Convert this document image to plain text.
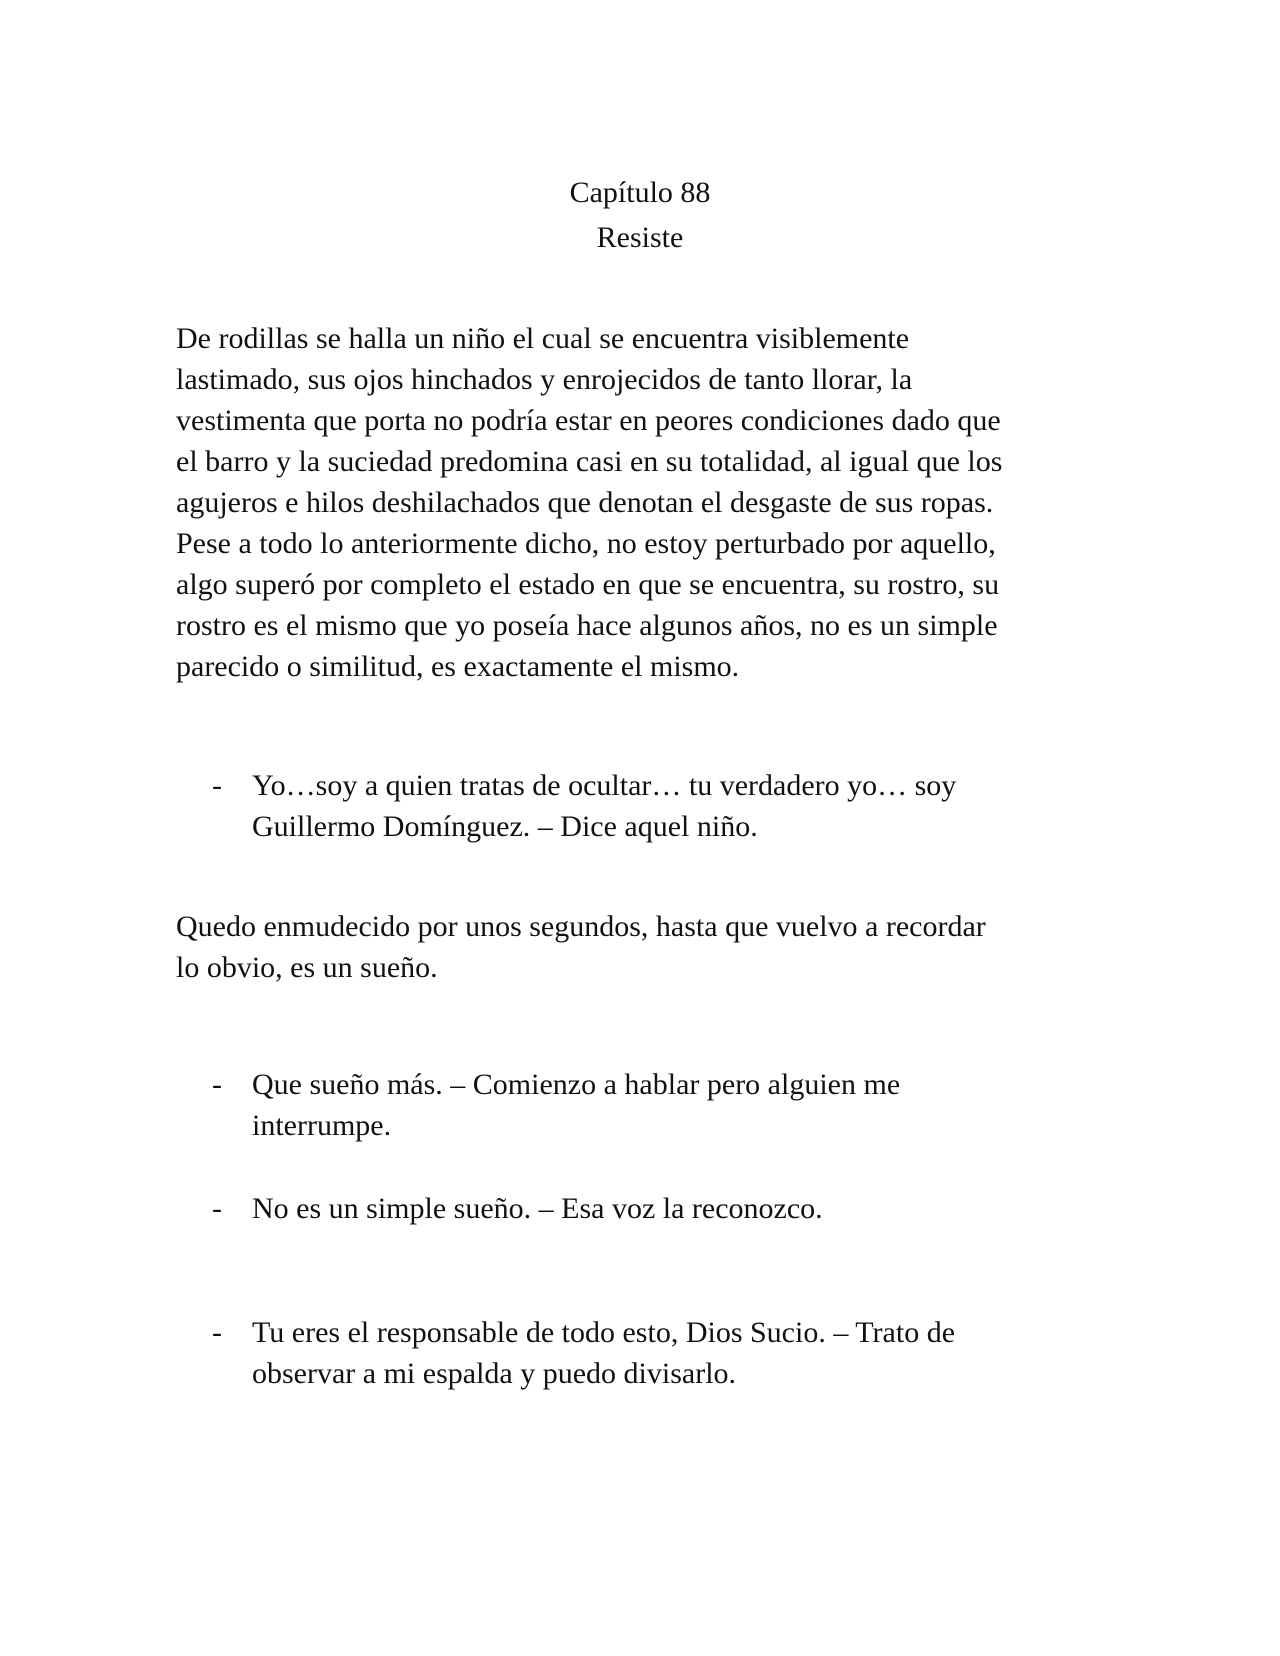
Capítulo 88
Resiste
De rodillas se halla un niño el cual se encuentra visiblemente
lastimado, sus ojos hinchados y enrojecidos de tanto llorar, la
vestimenta que porta no podría estar en peores condiciones dado que
el barro y la suciedad predomina casi en su totalidad, al igual que los
agujeros e hilos deshilachados que denotan el desgaste de sus ropas.
Pese a todo lo anteriormente dicho, no estoy perturbado por aquello,
algo superó por completo el estado en que se encuentra, su rostro, su
rostro es el mismo que yo poseía hace algunos años, no es un simple
parecido o similitud, es exactamente el mismo.
- Yo…soy a quien tratas de ocultar… tu verdadero yo… soy
Guillermo Domínguez. – Dice aquel niño.
Quedo enmudecido por unos segundos, hasta que vuelvo a recordar
lo obvio, es un sueño.
- Que sueño más. – Comienzo a hablar pero alguien me
interrumpe.
- No es un simple sueño. – Esa voz la reconozco.
- Tu eres el responsable de todo esto, Dios Sucio. – Trato de
observar a mi espalda y puedo divisarlo.
